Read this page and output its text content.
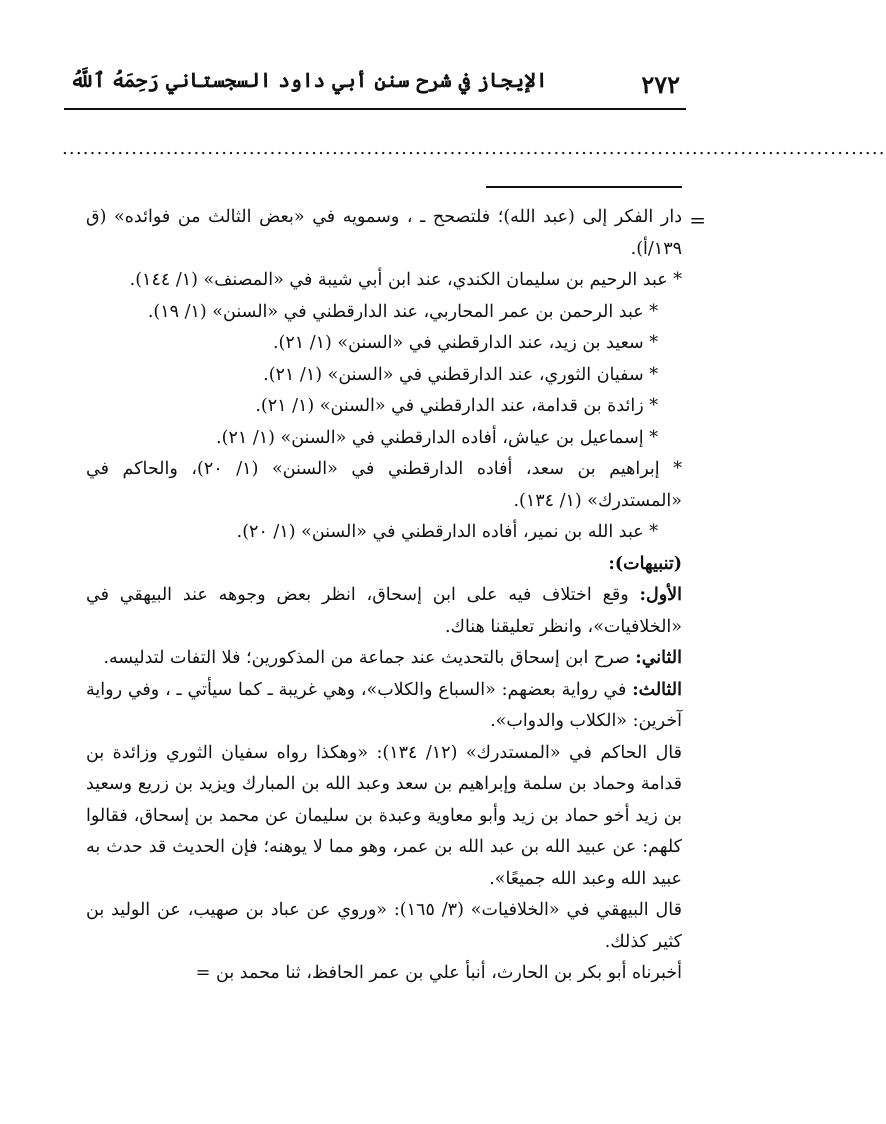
٢٧٢
الإيجاز في شرح سنن أبي داود السجستاني رَحِمَهُ ٱللَّهُ
.......................................................................................................................
=

دار الفكر إلى (عبد الله)؛ فلتصحح ـ ، وسمويه في «بعض الثالث من فوائده» (ق ١٣٩/أ).

* عبد الرحيم بن سليمان الكندي، عند ابن أبي شيبة في «المصنف» (١/ ١٤٤).

* عبد الرحمن بن عمر المحاربي، عند الدارقطني في «السنن» (١/ ١٩).

* سعيد بن زيد، عند الدارقطني في «السنن» (١/ ٢١).

* سفيان الثوري، عند الدارقطني في «السنن» (١/ ٢١).

* زائدة بن قدامة، عند الدارقطني في «السنن» (١/ ٢١).

* إسماعيل بن عياش، أفاده الدارقطني في «السنن» (١/ ٢١).

* إبراهيم بن سعد، أفاده الدارقطني في «السنن» (١/ ٢٠)، والحاكم في «المستدرك» (١/ ١٣٤).

* عبد الله بن نمير، أفاده الدارقطني في «السنن» (١/ ٢٠).

(تنبيهات):

الأول: وقع اختلاف فيه على ابن إسحاق، انظر بعض وجوهه عند البيهقي في «الخلافيات»، وانظر تعليقنا هناك.

الثاني: صرح ابن إسحاق بالتحديث عند جماعة من المذكورين؛ فلا التفات لتدليسه.

الثالث: في رواية بعضهم: «السباع والكلاب»، وهي غريبة ـ كما سيأتي ـ ، وفي رواية آخرين: «الكلاب والدواب».

قال الحاكم في «المستدرك» (١٢/ ١٣٤): «وهكذا رواه سفيان الثوري وزائدة بن قدامة وحماد بن سلمة وإبراهيم بن سعد وعبد الله بن المبارك ويزيد بن زريع وسعيد بن زيد أخو حماد بن زيد وأبو معاوية وعبدة بن سليمان عن محمد بن إسحاق، فقالوا كلهم: عن عبيد الله بن عبد الله بن عمر، وهو مما لا يوهنه؛ فإن الحديث قد حدث به عبيد الله وعبد الله جميعًا».

قال البيهقي في «الخلافيات» (٣/ ١٦٥): «وروي عن عباد بن صهيب، عن الوليد بن كثير كذلك.

أخبرناه أبو بكر بن الحارث، أنبأ علي بن عمر الحافظ، ثنا محمد بن =
